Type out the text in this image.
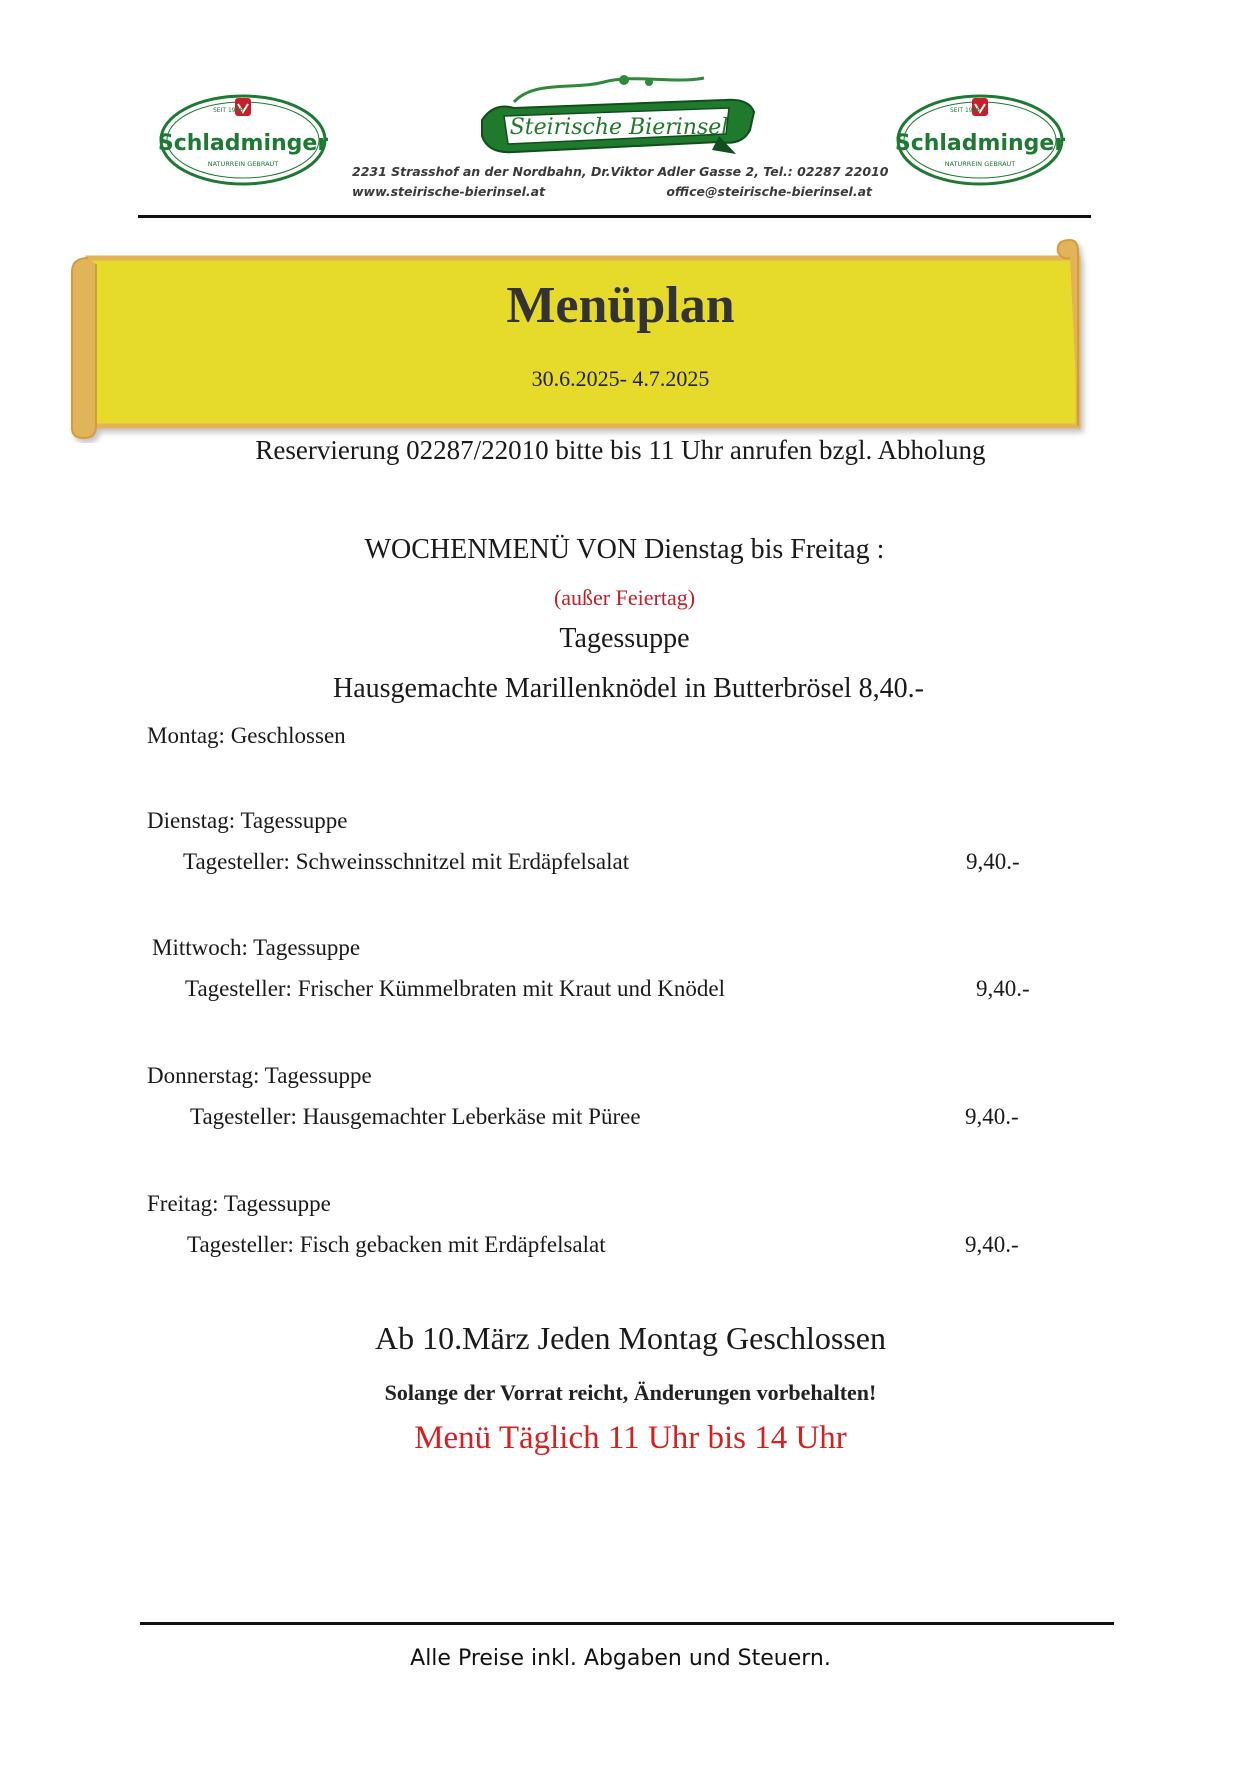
SEIT 1908
Schladminger
NATURREIN GEBRAUT
Steirische Bierinsel
2231 Strasshof an der Nordbahn, Dr.Viktor Adler Gasse 2, Tel.: 02287 22010
www.steirische-bierinsel.at	office@steirische-bierinsel.at
SEIT 1908
Schladminger
NATURREIN GEBRAUT
Menüplan
30.6.2025- 4.7.2025
Reservierung 02287/22010 bitte bis 11 Uhr anrufen bzgl. Abholung
WOCHENMENÜ VON Dienstag bis Freitag :
(außer Feiertag)
Tagessuppe
Hausgemachte Marillenknödel in Butterbrösel 8,40.-
Montag: Geschlossen
Dienstag: Tagessuppe
Tagesteller: Schweinsschnitzel mit Erdäpfelsalat	9,40.-
Mittwoch: Tagessuppe
Tagesteller: Frischer Kümmelbraten mit Kraut und Knödel	9,40.-
Donnerstag: Tagessuppe
Tagesteller: Hausgemachter Leberkäse mit Püree	9,40.-
Freitag: Tagessuppe
Tagesteller: Fisch gebacken mit Erdäpfelsalat	9,40.-
Ab 10.März Jeden Montag Geschlossen
Solange der Vorrat reicht, Änderungen vorbehalten!
Menü Täglich 11 Uhr bis 14 Uhr
Alle Preise inkl. Abgaben und Steuern.
